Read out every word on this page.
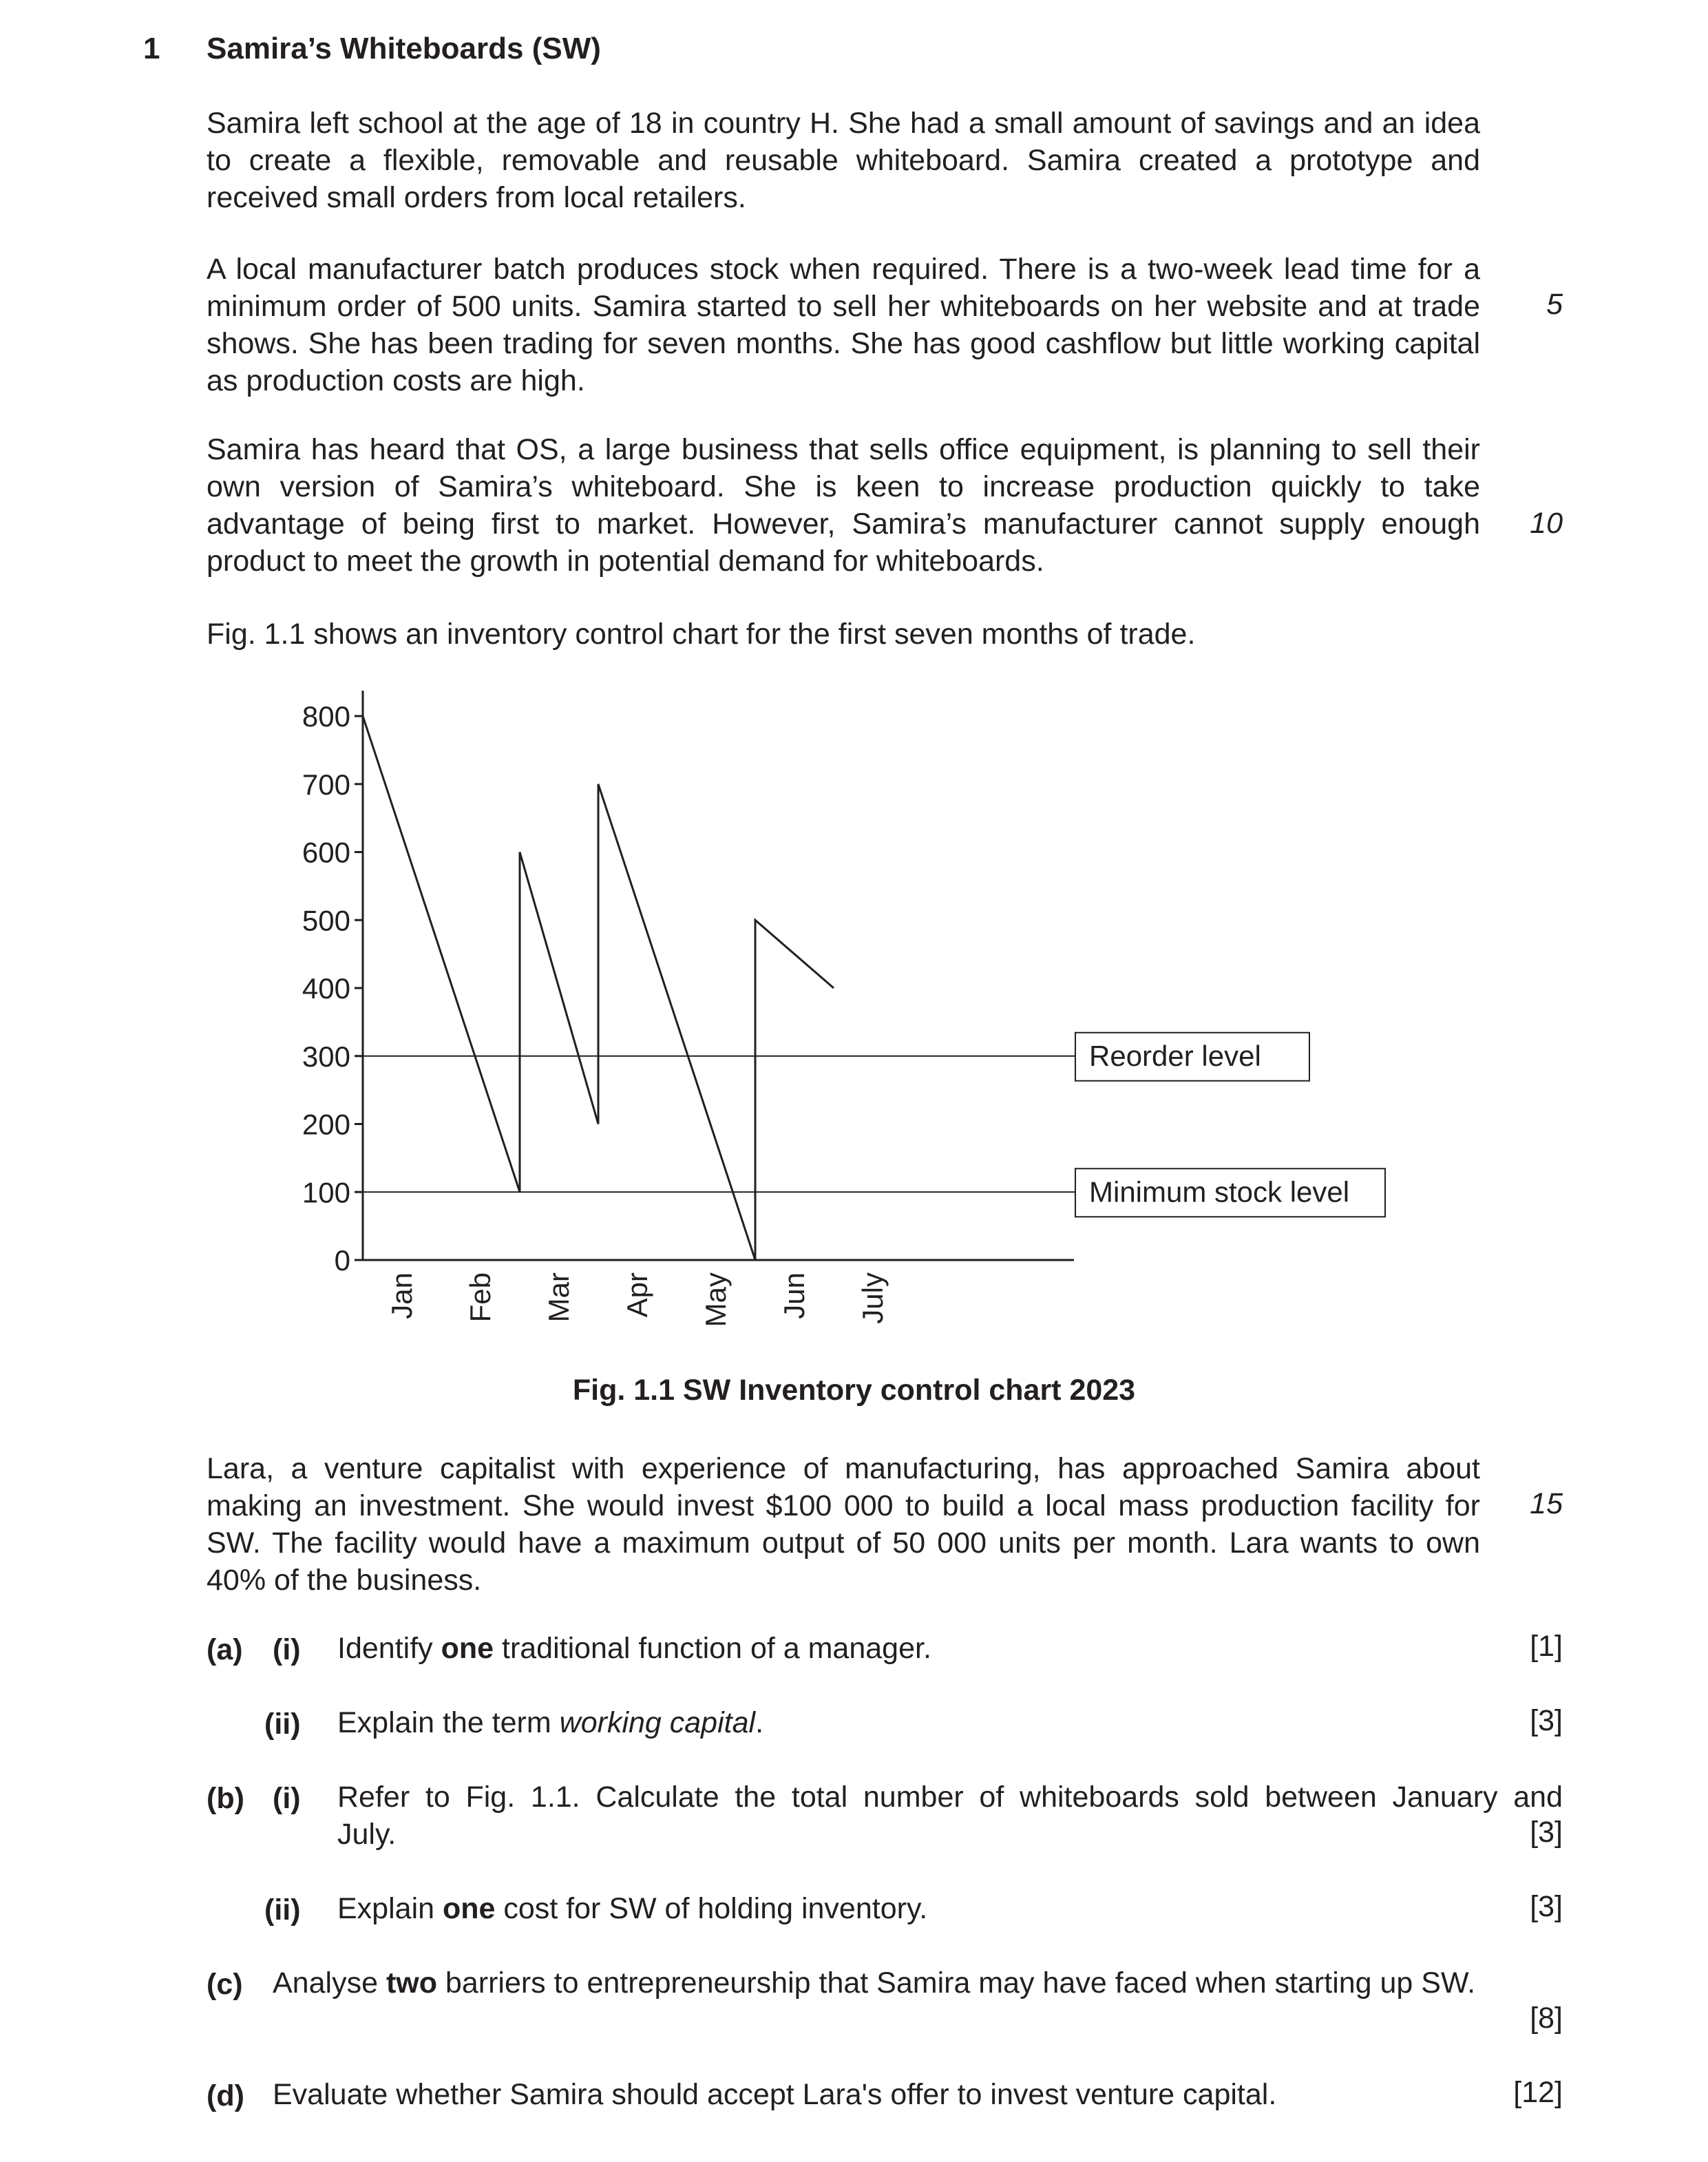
1 Samira’s Whiteboards (SW)
Samira left school at the age of 18 in country H. She had a small amount of savings and an idea to create a flexible, removable and reusable whiteboard. Samira created a prototype and received small orders from local retailers.
A local manufacturer batch produces stock when required. There is a two-week lead time for a minimum order of 500 units. Samira started to sell her whiteboards on her website and at trade shows. She has been trading for seven months. She has good cashflow but little working capital as production costs are high.
5
Samira has heard that OS, a large business that sells office equipment, is planning to sell their own version of Samira’s whiteboard. She is keen to increase production quickly to take advantage of being first to market. However, Samira’s manufacturer cannot supply enough product to meet the growth in potential demand for whiteboards.
10
Fig. 1.1 shows an inventory control chart for the first seven months of trade.
800
700
600
500
400
300
200
100
0
Jan Feb Mar Apr May Jun July
Reorder level
Minimum stock level
Fig. 1.1 SW Inventory control chart 2023
Lara, a venture capitalist with experience of manufacturing, has approached Samira about making an investment. She would invest $100 000 to build a local mass production facility for SW. The facility would have a maximum output of 50 000 units per month. Lara wants to own 40% of the business.
15
(a) (i) Identify one traditional function of a manager.	[1]
(ii) Explain the term working capital.	[3]
(b) (i) Refer to Fig. 1.1. Calculate the total number of whiteboards sold between January and
July.	[3]
(ii) Explain one cost for SW of holding inventory.	[3]
(c) Analyse two barriers to entrepreneurship that Samira may have faced when starting up SW.
[8]
(d) Evaluate whether Samira should accept Lara's offer to invest venture capital.	[12]
